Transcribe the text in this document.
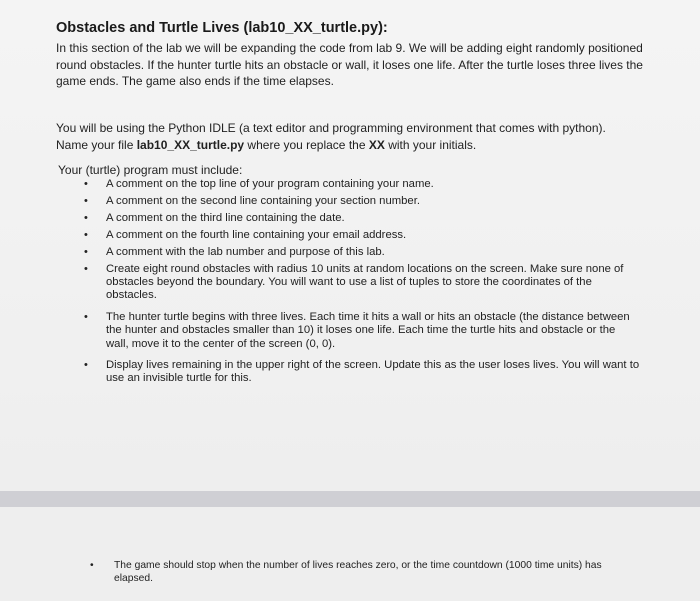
Obstacles and Turtle Lives (lab10_XX_turtle.py):
In this section of the lab we will be expanding the code from lab 9. We will be adding eight randomly positioned round obstacles. If the hunter turtle hits an obstacle or wall, it loses one life. After the turtle loses three lives the game ends. The game also ends if the time elapses.
You will be using the Python IDLE (a text editor and programming environment that comes with python).
Name your file lab10_XX_turtle.py where you replace the XX with your initials.
Your (turtle) program must include:
• A comment on the top line of your program containing your name.
• A comment on the second line containing your section number.
• A comment on the third line containing the date.
• A comment on the fourth line containing your email address.
• A comment with the lab number and purpose of this lab.
• Create eight round obstacles with radius 10 units at random locations on the screen. Make sure none of obstacles beyond the boundary. You will want to use a list of tuples to store the coordinates of the obstacles.
• The hunter turtle begins with three lives. Each time it hits a wall or hits an obstacle (the distance between the hunter and obstacles smaller than 10) it loses one life. Each time the turtle hits and obstacle or the wall, move it to the center of the screen (0, 0).
• Display lives remaining in the upper right of the screen. Update this as the user loses lives. You will want to use an invisible turtle for this.
• The game should stop when the number of lives reaches zero, or the time countdown (1000 time units) has elapsed.
